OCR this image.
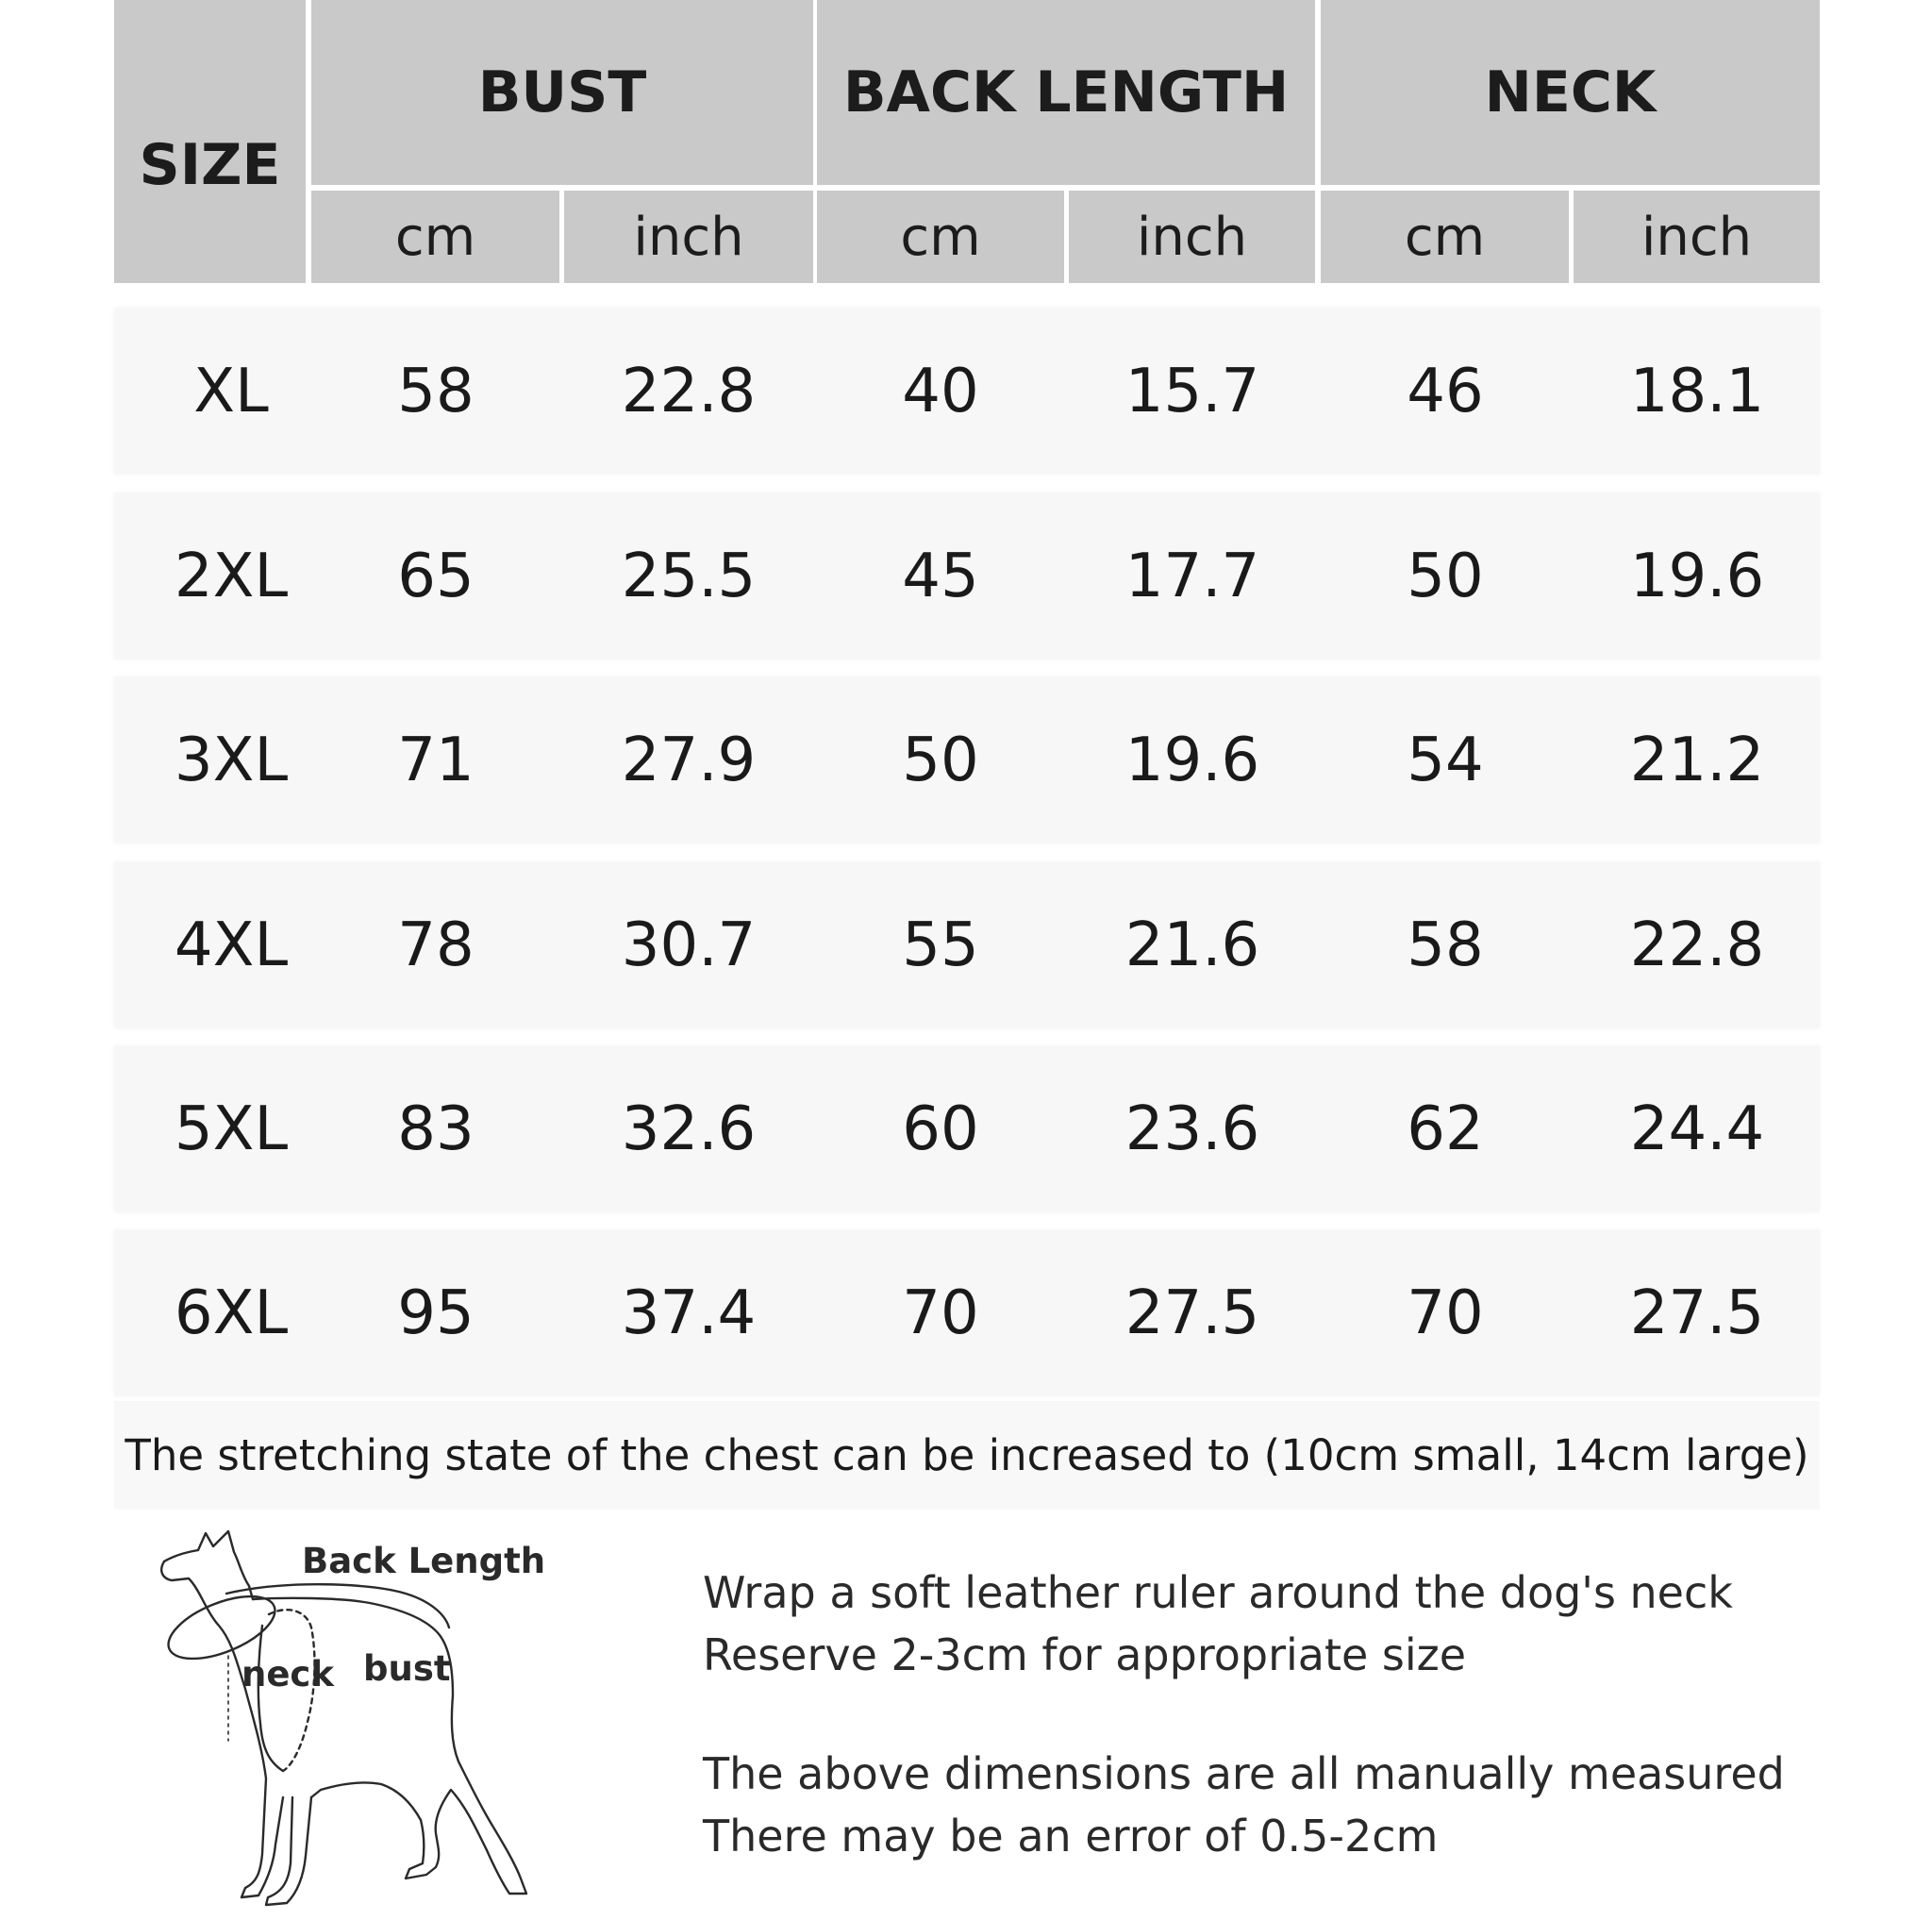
SIZE
BUST	BACK LENGTH	NECK
cm	inch	cm	inch	cm	inch
XL	58	22.8	40	15.7	46	18.1
2XL	65	25.5	45	17.7	50	19.6
3XL	71	27.9	50	19.6	54	21.2
4XL	78	30.7	55	21.6	58	22.8
5XL	83	32.6	60	23.6	62	24.4
6XL	95	37.4	70	27.5	70	27.5
The stretching state of the chest can be increased to (10cm small, 14cm large)
Back Length
neck bust
Wrap a soft leather ruler around the dog's neck
Reserve 2-3cm for appropriate size
The above dimensions are all manually measured
There may be an error of 0.5-2cm
